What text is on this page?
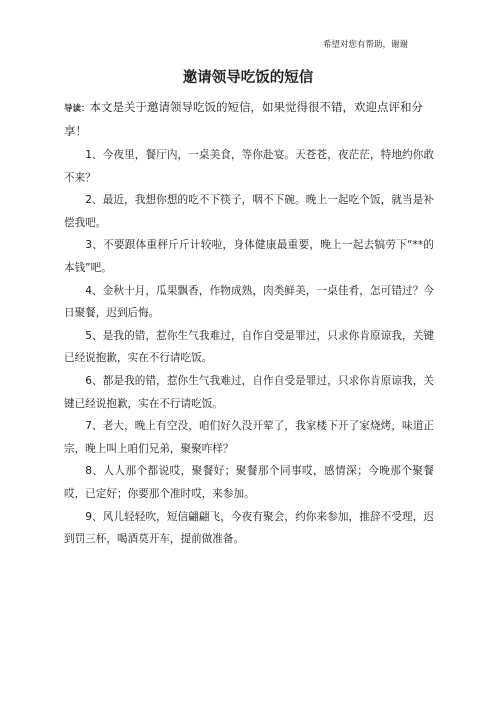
希望对您有帮助，谢谢
邀请领导吃饭的短信

导读：本文是关于邀请领导吃饭的短信，如果觉得很不错，欢迎点评和分享！

1、今夜里，餐厅内，一桌美食，等你赴宴。天苍苍，夜茫茫，特地约你敢不来？

2、最近，我想你想的吃不下筷子，咽不下碗。晚上一起吃个饭，就当是补偿我吧。

3、不要跟体重秤斤斤计较啦，身体健康最重要，晚上一起去犒劳下“**的本钱”吧。

4、金秋十月，瓜果飘香，作物成熟，肉类鲜美，一桌佳肴，怎可错过？今日聚餐，迟到后悔。

5、是我的错，惹你生气我难过，自作自受是罪过，只求你肯原谅我，关键已经说抱歉，实在不行请吃饭。

6、都是我的错，惹你生气我难过，自作自受是罪过，只求你肯原谅我，关键已经说抱歉，实在不行请吃饭。

7、老大，晚上有空没，咱们好久没开荤了，我家楼下开了家烧烤，味道正宗，晚上叫上咱们兄弟，聚聚咋样？

8、人人那个都说哎，聚餐好；聚餐那个同事哎，感情深；今晚那个聚餐哎，已定好；你要那个准时哎，来参加。

9、风儿轻轻吹，短信翩翩飞，今夜有聚会，约你来参加，推辞不受理，迟到罚三杯，喝酒莫开车，提前做准备。
